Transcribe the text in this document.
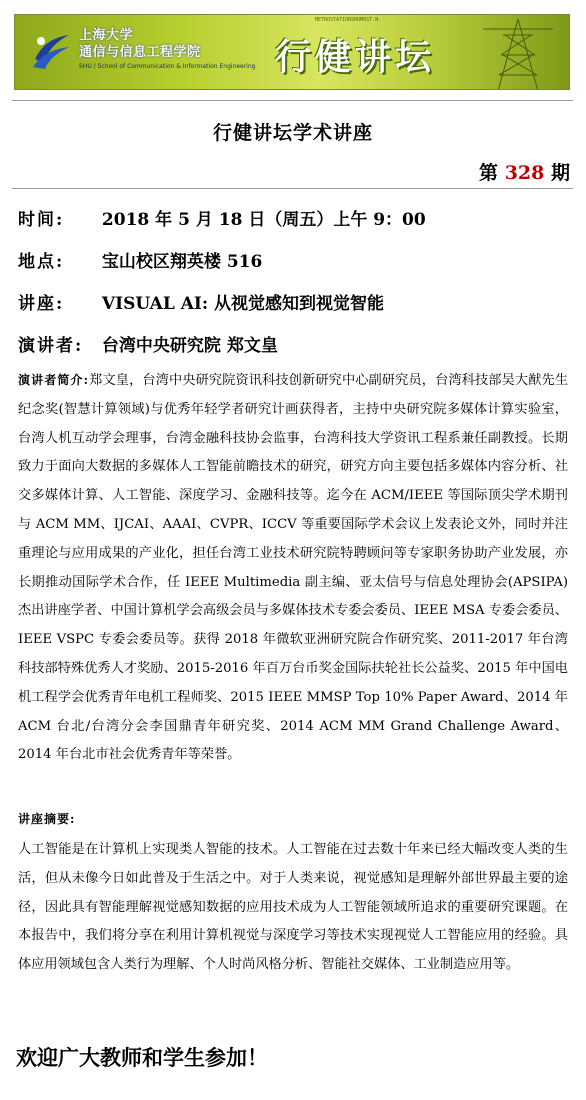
上海大学
通信与信息工程学院
SHU / School of Communication & Information Engineering
METROSTATIONSHUMOST.N
行健讲坛
行健讲坛学术讲座
第 328 期
时间: 2018 年 5 月 18 日（周五）上午 9：00
地点: 宝山校区翔英楼 516
讲座: VISUAL AI: 从视觉感知到视觉智能
演讲者: 台湾中央研究院 郑文皇
演讲者简介:郑文皇，台湾中央研究院资讯科技创新研究中心副研究员，台湾科技部吴大猷先生纪念奖(智慧计算领域)与优秀年轻学者研究计画获得者，主持中央研究院多媒体计算实验室，台湾人机互动学会理事，台湾金融科技协会监事，台湾科技大学资讯工程系兼任副教授。长期致力于面向大数据的多媒体人工智能前瞻技术的研究，研究方向主要包括多媒体内容分析、社交多媒体计算、人工智能、深度学习、金融科技等。迄今在 ACM/IEEE 等国际顶尖学术期刊与 ACM MM、IJCAI、AAAI、CVPR、ICCV 等重要国际学术会议上发表论文外，同时并注重理论与应用成果的产业化，担任台湾工业技术研究院特聘顾问等专家职务协助产业发展，亦长期推动国际学术合作，任 IEEE Multimedia 副主编、亚太信号与信息处理协会(APSIPA)杰出讲座学者、中国计算机学会高级会员与多媒体技术专委会委员、IEEE MSA 专委会委员、IEEE VSPC 专委会委员等。获得 2018 年微软亚洲研究院合作研究奖、2011-2017 年台湾科技部特殊优秀人才奖励、2015-2016 年百万台币奖金国际扶轮社长公益奖、2015 年中国电机工程学会优秀青年电机工程师奖、2015 IEEE MMSP Top 10% Paper Award、2014 年 ACM 台北/台湾分会李国鼎青年研究奖、2014 ACM MM Grand Challenge Award、2014 年台北市社会优秀青年等荣誉。
讲座摘要:
人工智能是在计算机上实现类人智能的技术。人工智能在过去数十年来已经大幅改变人类的生活，但从未像今日如此普及于生活之中。对于人类来说，视觉感知是理解外部世界最主要的途径，因此具有智能理解视觉感知数据的应用技术成为人工智能领域所追求的重要研究课题。在本报告中，我们将分享在利用计算机视觉与深度学习等技术实现视觉人工智能应用的经验。具体应用领域包含人类行为理解、个人时尚风格分析、智能社交媒体、工业制造应用等。
欢迎广大教师和学生参加！
